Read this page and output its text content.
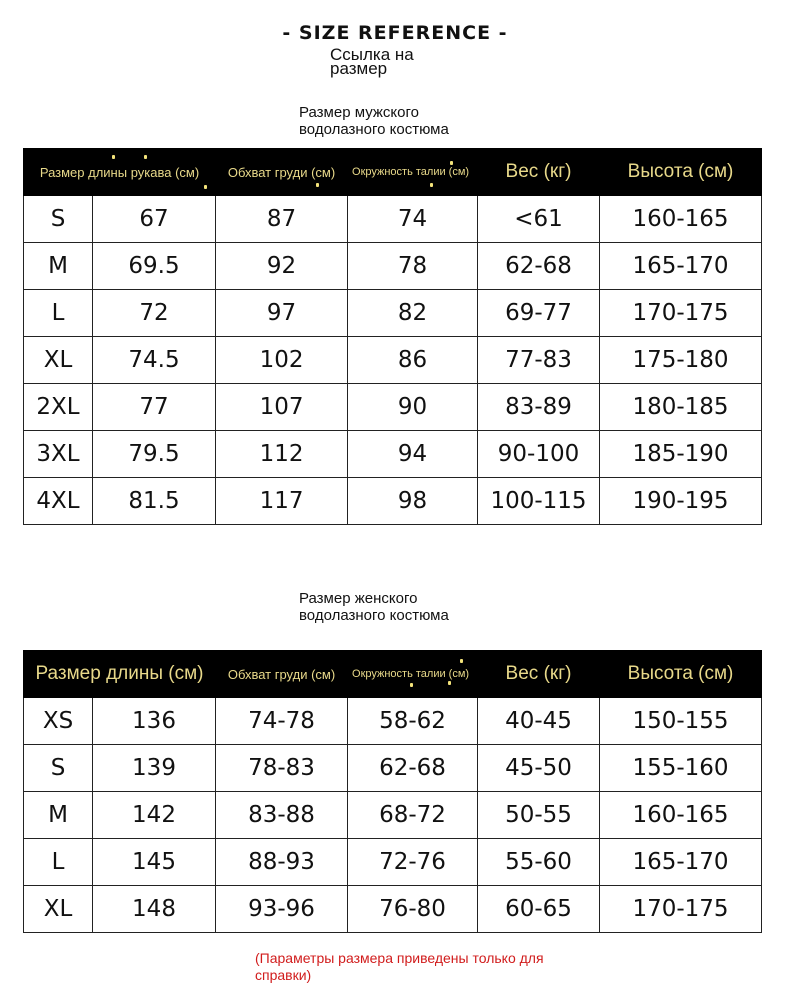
- SIZE REFERENCE -
Ссылка на размер
Размер мужского водолазного костюма
Размер длины рукава (см)		Обхват груди (см)	Окружность талии (см)	Вес (кг)	Высота (см)
S	67	87	74	<61	160-165
M	69.5	92	78	62-68	165-170
L	72	97	82	69-77	170-175
XL	74.5	102	86	77-83	175-180
2XL	77	107	90	83-89	180-185
3XL	79.5	112	94	90-100	185-190
4XL	81.5	117	98	100-115	190-195
Размер женского водолазного костюма
Размер длины (см)		Обхват груди (см)	Окружность талии (см)	Вес (кг)	Высота (см)
XS	136	74-78	58-62	40-45	150-155
S	139	78-83	62-68	45-50	155-160
M	142	83-88	68-72	50-55	160-165
L	145	88-93	72-76	55-60	165-170
XL	148	93-96	76-80	60-65	170-175
(Параметры размера приведены только для справки)
